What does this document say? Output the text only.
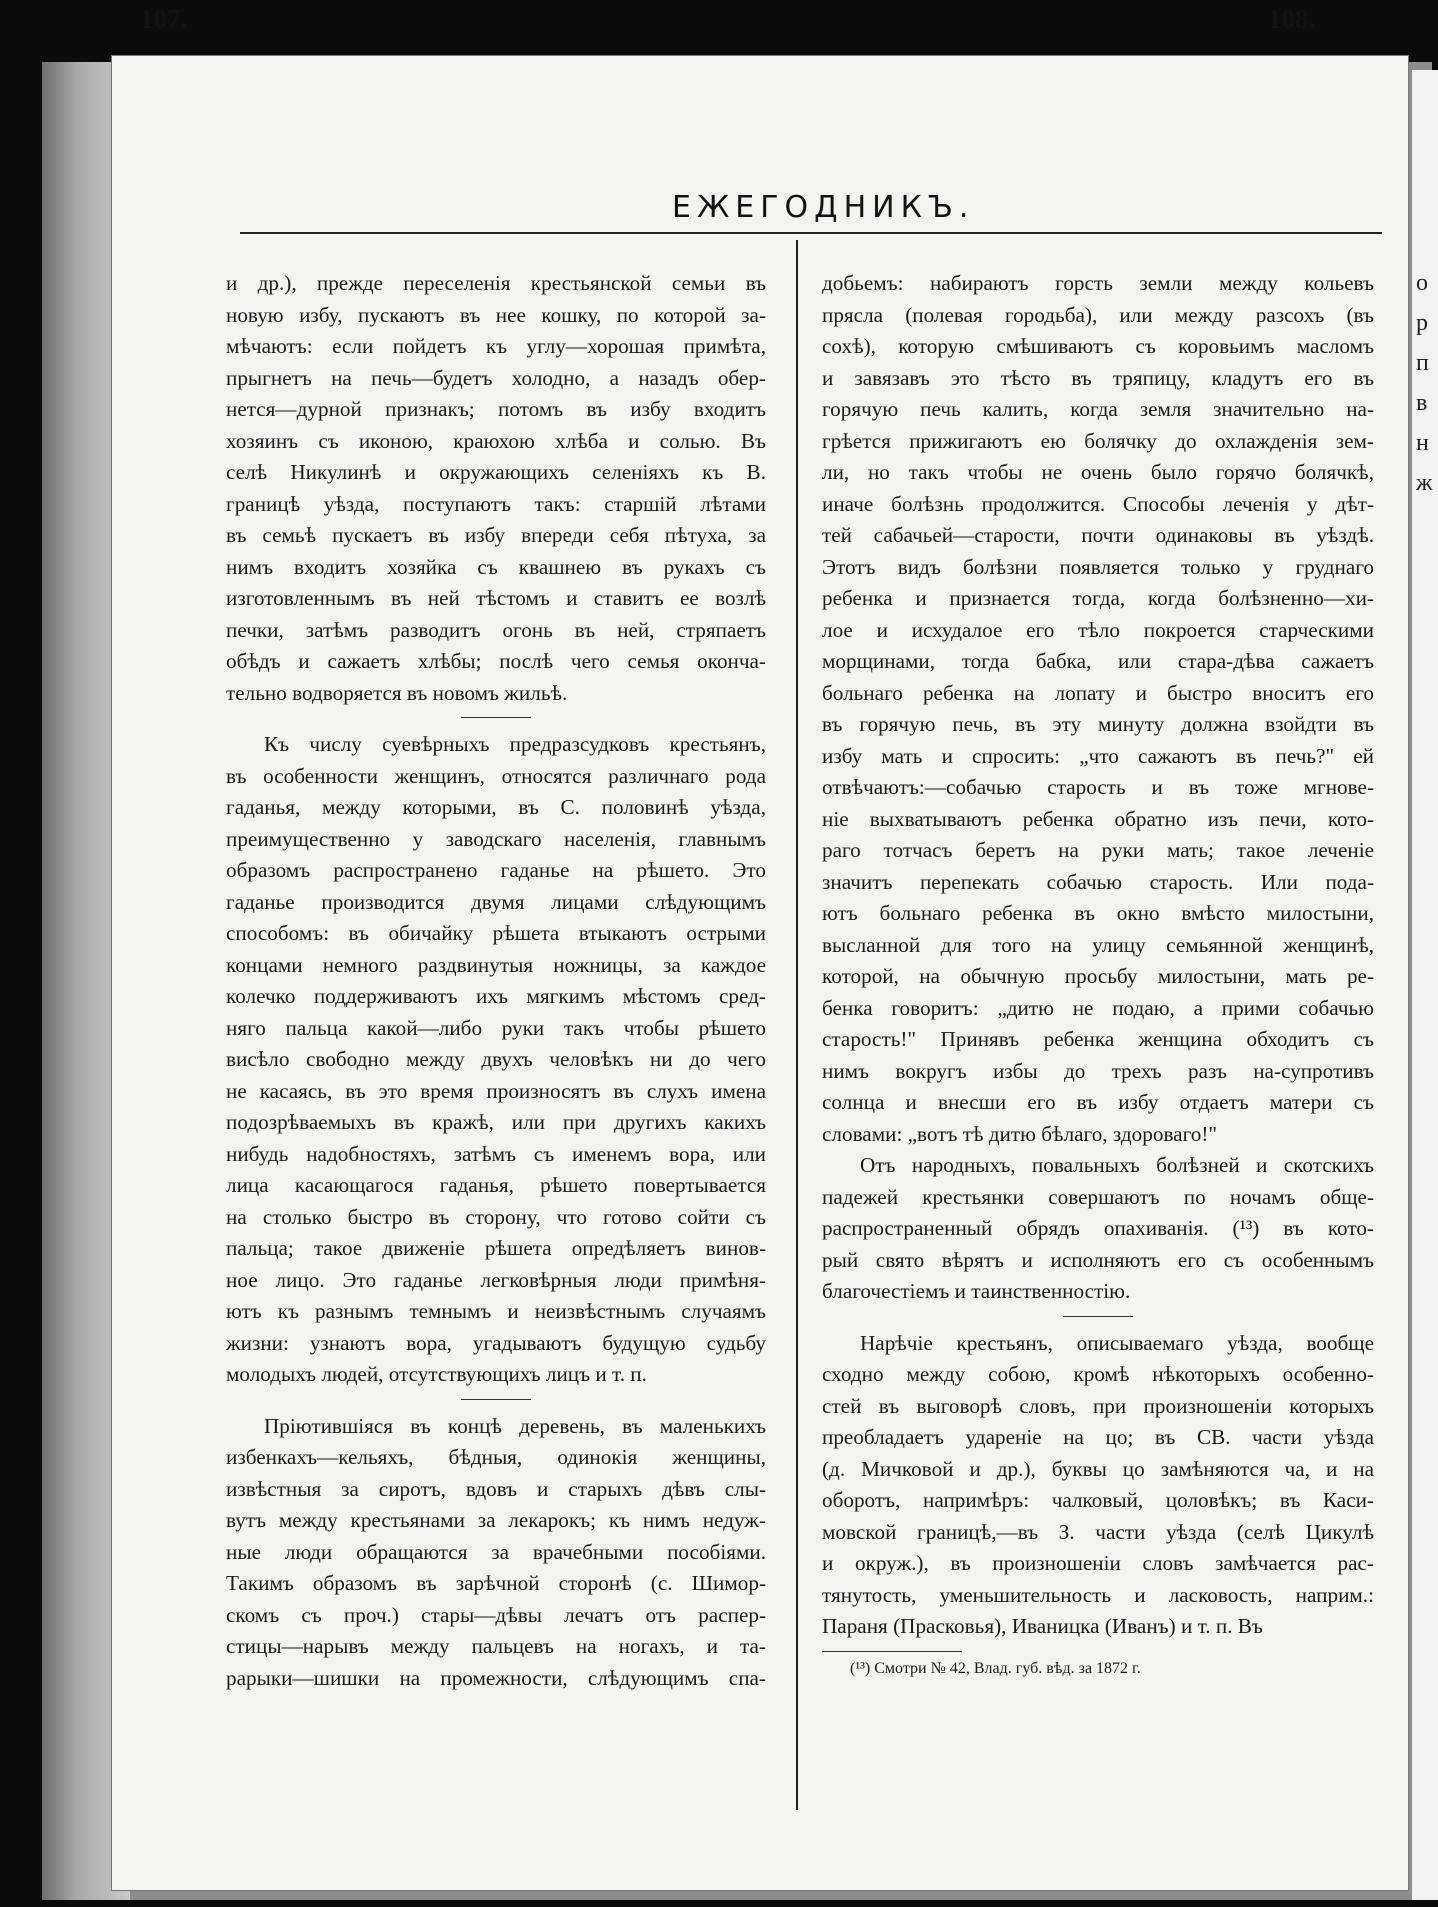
о
р
п
в
н
ж
107.
ЕЖЕГОДНИКЪ.
108.
и др.), прежде переселенія крестьянской семьи въ
новую избу, пускаютъ въ нее кошку, по которой за-
мѣчаютъ: если пойдетъ къ углу—хорошая примѣта,
прыгнетъ на печь—будетъ холодно, а назадъ обер-
нется—дурной признакъ; потомъ въ избу входитъ
хозяинъ съ иконою, краюхою хлѣба и солью. Въ
селѣ Никулинѣ и окружающихъ селеніяхъ къ В.
границѣ уѣзда, поступаютъ такъ: старшій лѣтами
въ семьѣ пускаетъ въ избу впереди себя пѣтуха, за
нимъ входитъ хозяйка съ квашнею въ рукахъ съ
изготовленнымъ въ ней тѣстомъ и ставитъ ее возлѣ
печки, затѣмъ разводитъ огонь въ ней, стряпаетъ
обѣдъ и сажаетъ хлѣбы; послѣ чего семья оконча-
тельно водворяется въ новомъ жильѣ.
Къ числу суевѣрныхъ предразсудковъ крестьянъ,
въ особенности женщинъ, относятся различнаго рода
гаданья, между которыми, въ С. половинѣ уѣзда,
преимущественно у заводскаго населенія, главнымъ
образомъ распространено гаданье на рѣшето. Это
гаданье производится двумя лицами слѣдующимъ
способомъ: въ обичайку рѣшета втыкаютъ острыми
концами немного раздвинутыя ножницы, за каждое
колечко поддерживаютъ ихъ мягкимъ мѣстомъ сред-
няго пальца какой—либо руки такъ чтобы рѣшето
висѣло свободно между двухъ человѣкъ ни до чего
не касаясь, въ это время произносятъ въ слухъ имена
подозрѣваемыхъ въ кражѣ, или при другихъ какихъ
нибудь надобностяхъ, затѣмъ съ именемъ вора, или
лица касающагося гаданья, рѣшето повертывается
на столько быстро въ сторону, что готово сойти съ
пальца; такое движеніе рѣшета опредѣляетъ винов-
ное лицо. Это гаданье легковѣрныя люди примѣня-
ютъ къ разнымъ темнымъ и неизвѣстнымъ случаямъ
жизни: узнаютъ вора, угадываютъ будущую судьбу
молодыхъ людей, отсутствующихъ лицъ и т. п.
Пріютившіяся въ концѣ деревень, въ маленькихъ
избенкахъ—кельяхъ, бѣдныя, одинокія женщины,
извѣстныя за сиротъ, вдовъ и старыхъ дѣвъ слы-
вутъ между крестьянами за лекарокъ; къ нимъ недуж-
ные люди обращаются за врачебными пособіями.
Такимъ образомъ въ зарѣчной сторонѣ (с. Шимор-
скомъ съ проч.) стары—дѣвы лечатъ отъ распер-
стицы—нарывъ между пальцевъ на ногахъ, и та-
рарыки—шишки на промежности, слѣдующимъ спа-
добьемъ: набираютъ горсть земли между кольевъ
прясла (полевая городьба), или между разсохъ (въ
сохѣ), которую смѣшиваютъ съ коровьимъ масломъ
и завязавъ это тѣсто въ тряпицу, кладутъ его въ
горячую печь калить, когда земля значительно на-
грѣется прижигаютъ ею болячку до охлажденія зем-
ли, но такъ чтобы не очень было горячо болячкѣ,
иначе болѣзнь продолжится. Способы леченія у дѣт-
тей сабачьей—старости, почти одинаковы въ уѣздѣ.
Этотъ видъ болѣзни появляется только у груднаго
ребенка и признается тогда, когда болѣзненно—хи-
лое и исхудалое его тѣло покроется старческими
морщинами, тогда бабка, или стара-дѣва сажаетъ
больнаго ребенка на лопату и быстро вноситъ его
въ горячую печь, въ эту минуту должна взойдти въ
избу мать и спросить: „что сажаютъ въ печь?" ей
отвѣчаютъ:—собачью старость и въ тоже мгнове-
ніе выхватываютъ ребенка обратно изъ печи, кото-
раго тотчасъ беретъ на руки мать; такое леченіе
значитъ перепекать собачью старость. Или пода-
ютъ больнаго ребенка въ окно вмѣсто милостыни,
высланной для того на улицу семьянной женщинѣ,
которой, на обычную просьбу милостыни, мать ре-
бенка говоритъ: „дитю не подаю, а прими собачью
старость!" Принявъ ребенка женщина обходитъ съ
нимъ вокругъ избы до трехъ разъ на-супротивъ
солнца и внесши его въ избу отдаетъ матери съ
словами: „вотъ тѣ дитю бѣлаго, здороваго!"
Отъ народныхъ, повальныхъ болѣзней и скотскихъ
падежей крестьянки совершаютъ по ночамъ обще-
распространенный обрядъ опахиванія. (¹³) въ кото-
рый свято вѣрятъ и исполняютъ его съ особеннымъ
благочестіемъ и таинственностію.
Нарѣчіе крестьянъ, описываемаго уѣзда, вообще
сходно между собою, кромѣ нѣкоторыхъ особенно-
стей въ выговорѣ словъ, при произношеніи которыхъ
преобладаетъ удареніе на цо; въ СВ. части уѣзда
(д. Мичковой и др.), буквы цо замѣняются ча, и на
оборотъ, напримѣръ: чалковый, цоловѣкъ; въ Каси-
мовской границѣ,—въ З. части уѣзда (селѣ Цикулѣ
и окруж.), въ произношеніи словъ замѣчается рас-
тянутость, уменьшительность и ласковость, наприм.:
Параня (Прасковья), Иваницка (Иванъ) и т. п. Въ
(¹³) Смотри № 42, Влад. губ. вѣд. за 1872 г.
